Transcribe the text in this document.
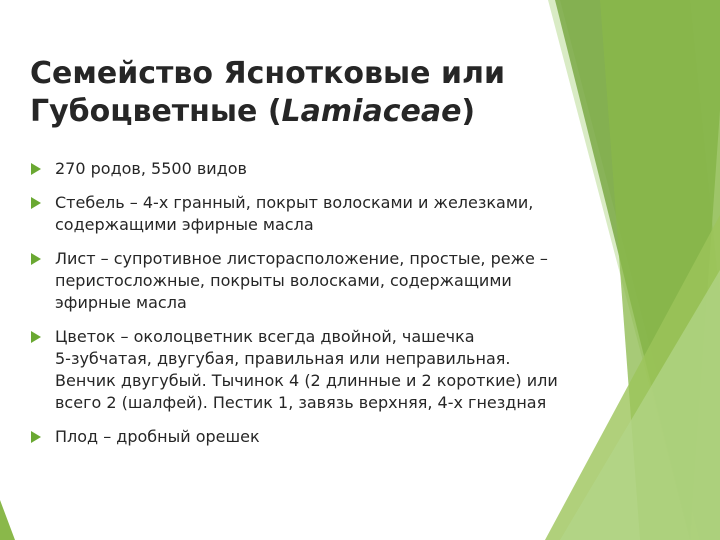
Семейство Ясноткoвые или
Губоцветные (Lamiaceae)
270 родов, 5500 видов
Стебель – 4-х гранный, покрыт волосками и железками,
содержащими эфирные масла
Лист – супротивное листорасположение, простые, реже –
перистосложные, покрыты волосками, содержащими
эфирные масла
Цветок – околоцветник всегда двойной, чашечка
5-зубчатая, двугубая, правильная или неправильная.
Венчик двугубый. Тычинок 4 (2 длинные и 2 короткие) или
всего 2 (шалфей). Пестик 1, завязь верхняя, 4-х гнездная
Плод – дробный орешек
